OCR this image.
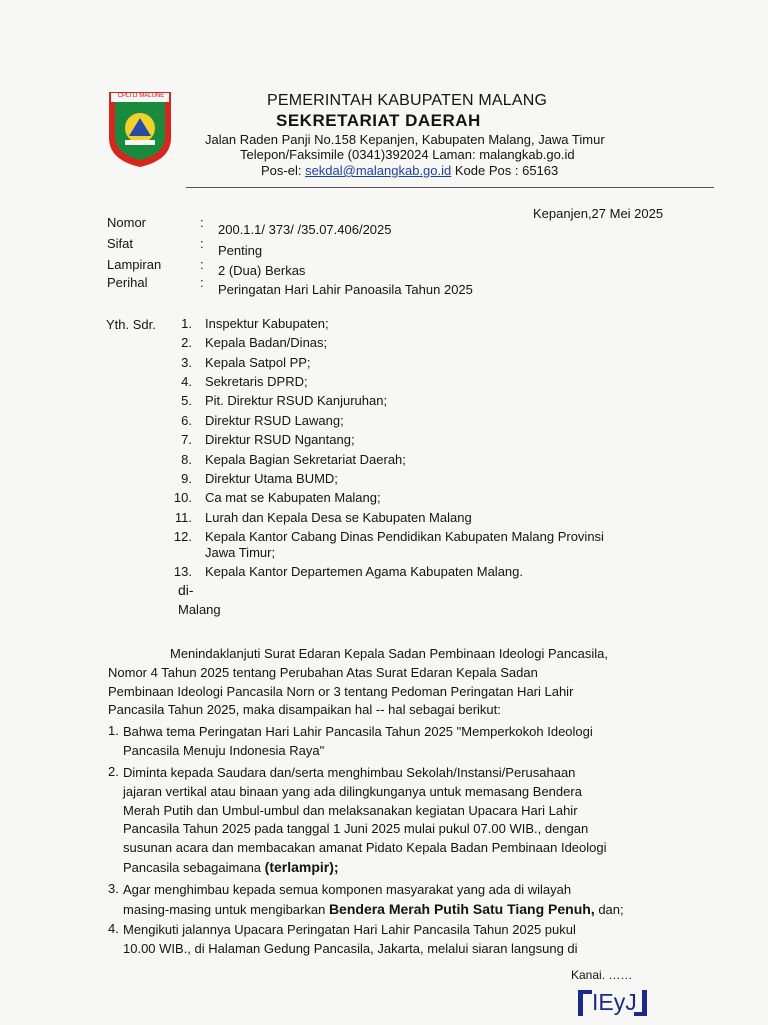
CPLTLI MALUNE	PEMERINTAH KABUPATEN MALANG
SEKRETARIAT DAERAH
Jalan Raden Panji No.158 Kepanjen, Kabupaten Malang, Jawa Timur
Telepon/Faksimile (0341)392024 Laman: malangkab.go.id
Pos-el: sekdal@malangkab.go.id Kode Pos : 65163
Kepanjen,27 Mei 2025
Nomor	: 200.1.1/ 373/ /35.07.406/2025
Sifat	: Penting
Lampiran	: 2 (Dua) Berkas
Perihal	: Peringatan Hari Lahir Panoasila Tahun 2025
Yth. Sdr.	1. Inspektur Kabupaten;
2. Kepala Badan/Dinas;
3. Kepala Satpol PP;
4. Sekretaris DPRD;
5. Pit. Direktur RSUD Kanjuruhan;
6. Direktur RSUD Lawang;
7. Direktur RSUD Ngantang;
8. Kepala Bagian Sekretariat Daerah;
9. Direktur Utama BUMD;
10. Ca mat se Kabupaten Malang;
11. Lurah dan Kepala Desa se Kabupaten Malang
12. Kepala Kantor Cabang Dinas Pendidikan Kabupaten Malang Provinsi
Jawa Timur;
13. Kepala Kantor Departemen Agama Kabupaten Malang.
di-
Malang
Menindaklanjuti Surat Edaran Kepala Sadan Pembinaan Ideologi Pancasila,
Nomor 4 Tahun 2025 tentang Perubahan Atas Surat Edaran Kepala Sadan
Pembinaan Ideologi Pancasila Norn or 3 tentang Pedoman Peringatan Hari Lahir
Pancasila Tahun 2025, maka disampaikan hal -- hal sebagai berikut:
1. Bahwa tema Peringatan Hari Lahir Pancasila Tahun 2025 "Memperkokoh Ideologi
Pancasila Menuju Indonesia Raya"
2. Diminta kepada Saudara dan/serta menghimbau Sekolah/Instansi/Perusahaan
jajaran vertikal atau binaan yang ada dilingkunganya untuk memasang Bendera
Merah Putih dan Umbul-umbul dan melaksanakan kegiatan Upacara Hari Lahir
Pancasila Tahun 2025 pada tanggal 1 Juni 2025 mulai pukul 07.00 WIB., dengan
susunan acara dan membacakan amanat Pidato Kepala Badan Pembinaan Ideologi
Pancasila sebagaimana (terlampir);
3. Agar menghimbau kepada semua komponen masyarakat yang ada di wilayah
masing-masing untuk mengibarkan Bendera Merah Putih Satu Tiang Penuh, dan;
4. Mengikuti jalannya Upacara Peringatan Hari Lahir Pancasila Tahun 2025 pukul
10.00 WIB., di Halaman Gedung Pancasila, Jakarta, melalui siaran langsung di
Kanai. ……
IEyJ
